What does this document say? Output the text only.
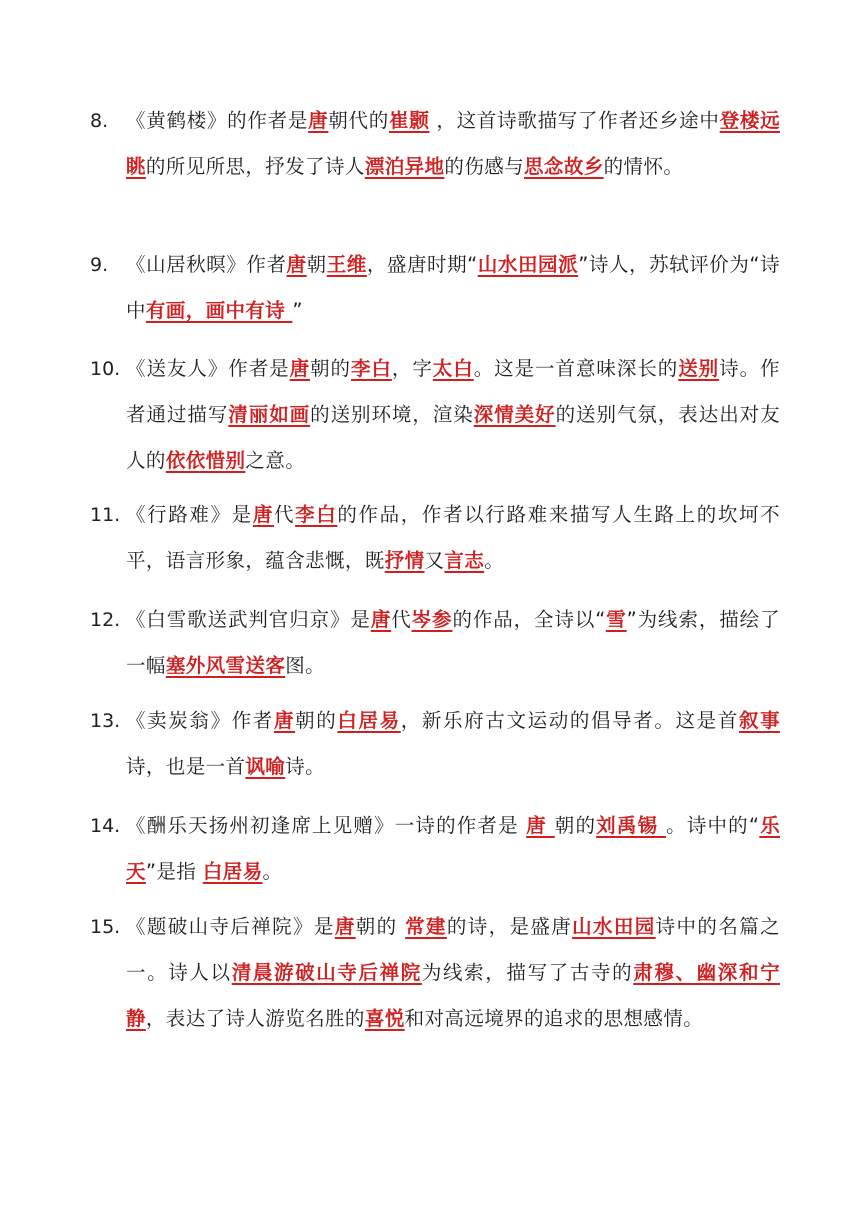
8. 《黄鹤楼》的作者是唐朝代的崔颢 ，这首诗歌描写了作者还乡途中登楼远眺的所见所思，抒发了诗人漂泊异地的伤感与思念故乡的情怀。

9. 《山居秋暝》作者唐朝王维，盛唐时期“山水田园派”诗人，苏轼评价为“诗中有画，画中有诗 ”

10. 《送友人》作者是唐朝的李白，字太白。这是一首意味深长的送别诗。作者通过描写清丽如画的送别环境，渲染深情美好的送别气氛，表达出对友人的依依惜别之意。

11. 《行路难》是唐代李白的作品，作者以行路难来描写人生路上的坎坷不平，语言形象，蕴含悲慨，既抒情又言志。

12. 《白雪歌送武判官归京》是唐代岑参的作品，全诗以“雪”为线索，描绘了一幅塞外风雪送客图。

13. 《卖炭翁》作者唐朝的白居易，新乐府古文运动的倡导者。这是首叙事诗，也是一首讽喻诗。

14. 《酬乐天扬州初逢席上见赠》一诗的作者是 唐 朝的刘禹锡 。诗中的“乐天”是指 白居易。

15. 《题破山寺后禅院》是唐朝的 常建的诗，是盛唐山水田园诗中的名篇之一。诗人以清晨游破山寺后禅院为线索，描写了古寺的肃穆、幽深和宁静，表达了诗人游览名胜的喜悦和对高远境界的追求的思想感情。
